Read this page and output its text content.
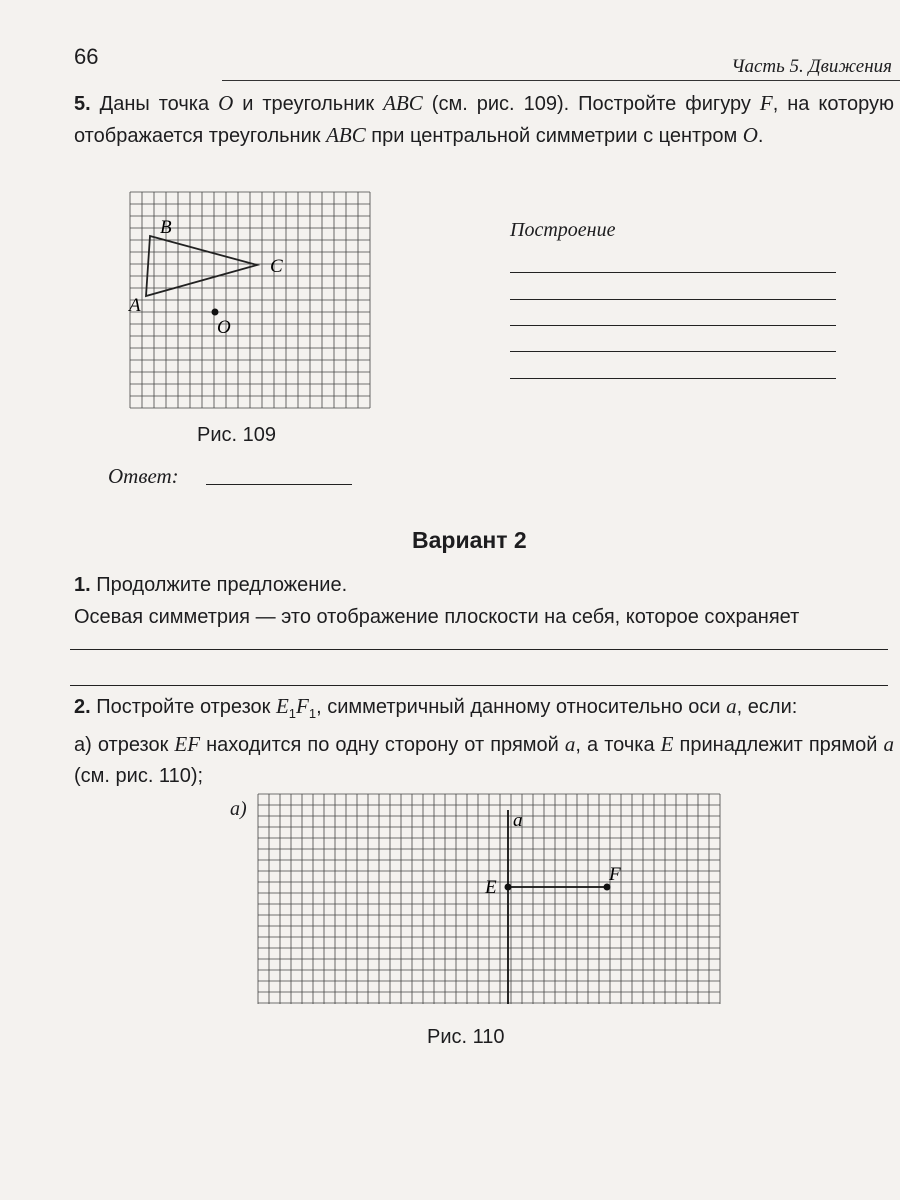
66	Часть 5. Движения
5. Даны точка O и треугольник ABC (см. рис. 109). Постройте фигуру F, на которую отображается треугольник ABC при центральной симметрии с центром O.
B
C
A
O
Рис. 109
Построение
Ответ:
Вариант 2
1. Продолжите предложение.
Осевая симметрия — это отображение плоскости на себя, которое сохраняет
2. Постройте отрезок $E_1F_1$, симметричный данному относительно оси a, если:
а) отрезок EF находится по одну сторону от прямой a, а точка E принадлежит прямой a (см. рис. 110);
а)
a
E
F
Рис. 110
